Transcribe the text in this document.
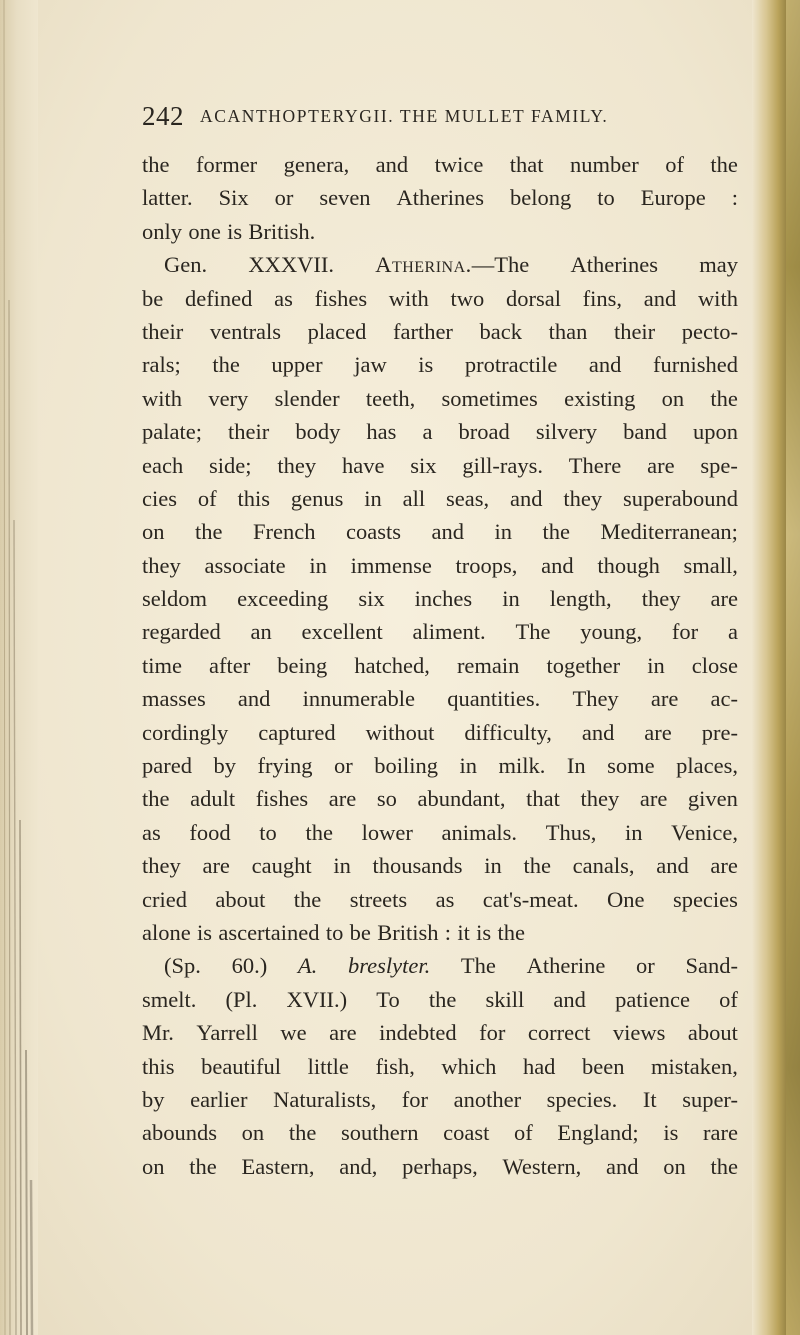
242 ACANTHOPTERYGII. THE MULLET FAMILY.
the former genera, and twice that number of the
latter. Six or seven Atherines belong to Europe :
only one is British.
Gen. XXXVII. Atherina.—The Atherines may
be defined as fishes with two dorsal fins, and with
their ventrals placed farther back than their pecto-
rals; the upper jaw is protractile and furnished
with very slender teeth, sometimes existing on the
palate; their body has a broad silvery band upon
each side; they have six gill-rays. There are spe-
cies of this genus in all seas, and they superabound
on the French coasts and in the Mediterranean;
they associate in immense troops, and though small,
seldom exceeding six inches in length, they are
regarded an excellent aliment. The young, for a
time after being hatched, remain together in close
masses and innumerable quantities. They are ac-
cordingly captured without difficulty, and are pre-
pared by frying or boiling in milk. In some places,
the adult fishes are so abundant, that they are given
as food to the lower animals. Thus, in Venice,
they are caught in thousands in the canals, and are
cried about the streets as cat's-meat. One species
alone is ascertained to be British : it is the
(Sp. 60.) A. breslyter. The Atherine or Sand-
smelt. (Pl. XVII.) To the skill and patience of
Mr. Yarrell we are indebted for correct views about
this beautiful little fish, which had been mistaken,
by earlier Naturalists, for another species. It super-
abounds on the southern coast of England; is rare
on the Eastern, and, perhaps, Western, and on the
